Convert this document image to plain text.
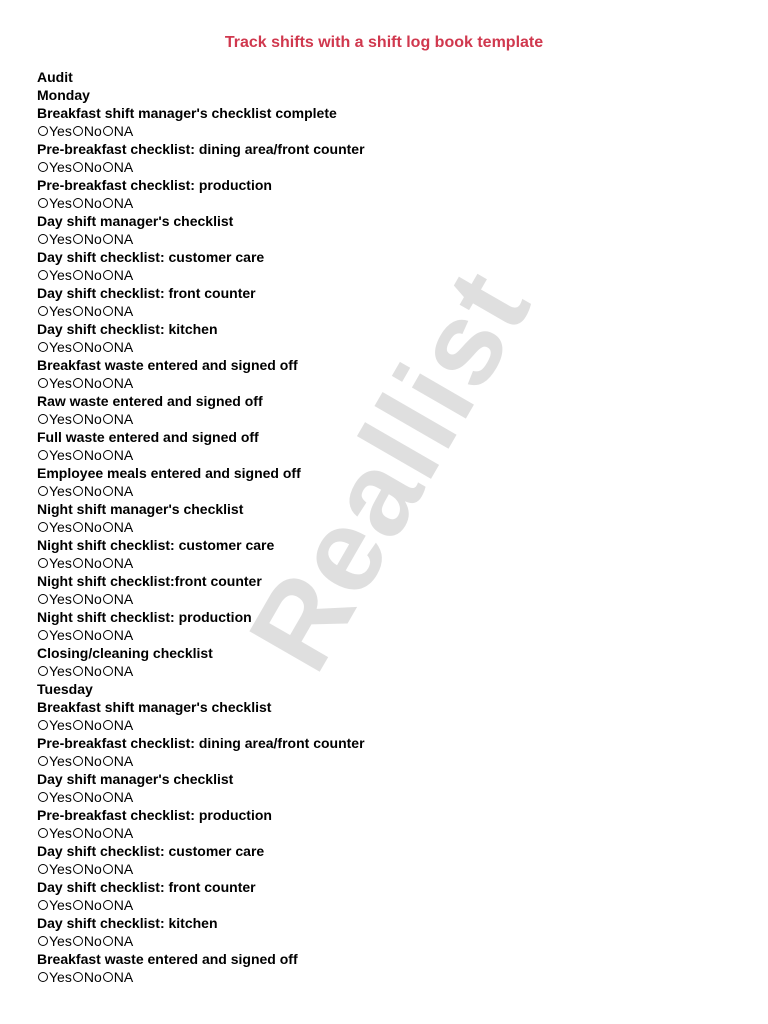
Track shifts with a shift log book template
Reallist
Audit
Monday
Breakfast shift manager's checklist complete
Yes No NA
Pre-breakfast checklist: dining area/front counter
Yes No NA
Pre-breakfast checklist: production
Yes No NA
Day shift manager's checklist
Yes No NA
Day shift checklist: customer care
Yes No NA
Day shift checklist: front counter
Yes No NA
Day shift checklist: kitchen
Yes No NA
Breakfast waste entered and signed off
Yes No NA
Raw waste entered and signed off
Yes No NA
Full waste entered and signed off
Yes No NA
Employee meals entered and signed off
Yes No NA
Night shift manager's checklist
Yes No NA
Night shift checklist: customer care
Yes No NA
Night shift checklist:front counter
Yes No NA
Night shift checklist: production
Yes No NA
Closing/cleaning checklist
Yes No NA
Tuesday
Breakfast shift manager's checklist
Yes No NA
Pre-breakfast checklist: dining area/front counter
Yes No NA
Day shift manager's checklist
Yes No NA
Pre-breakfast checklist: production
Yes No NA
Day shift checklist: customer care
Yes No NA
Day shift checklist: front counter
Yes No NA
Day shift checklist: kitchen
Yes No NA
Breakfast waste entered and signed off
Yes No NA
